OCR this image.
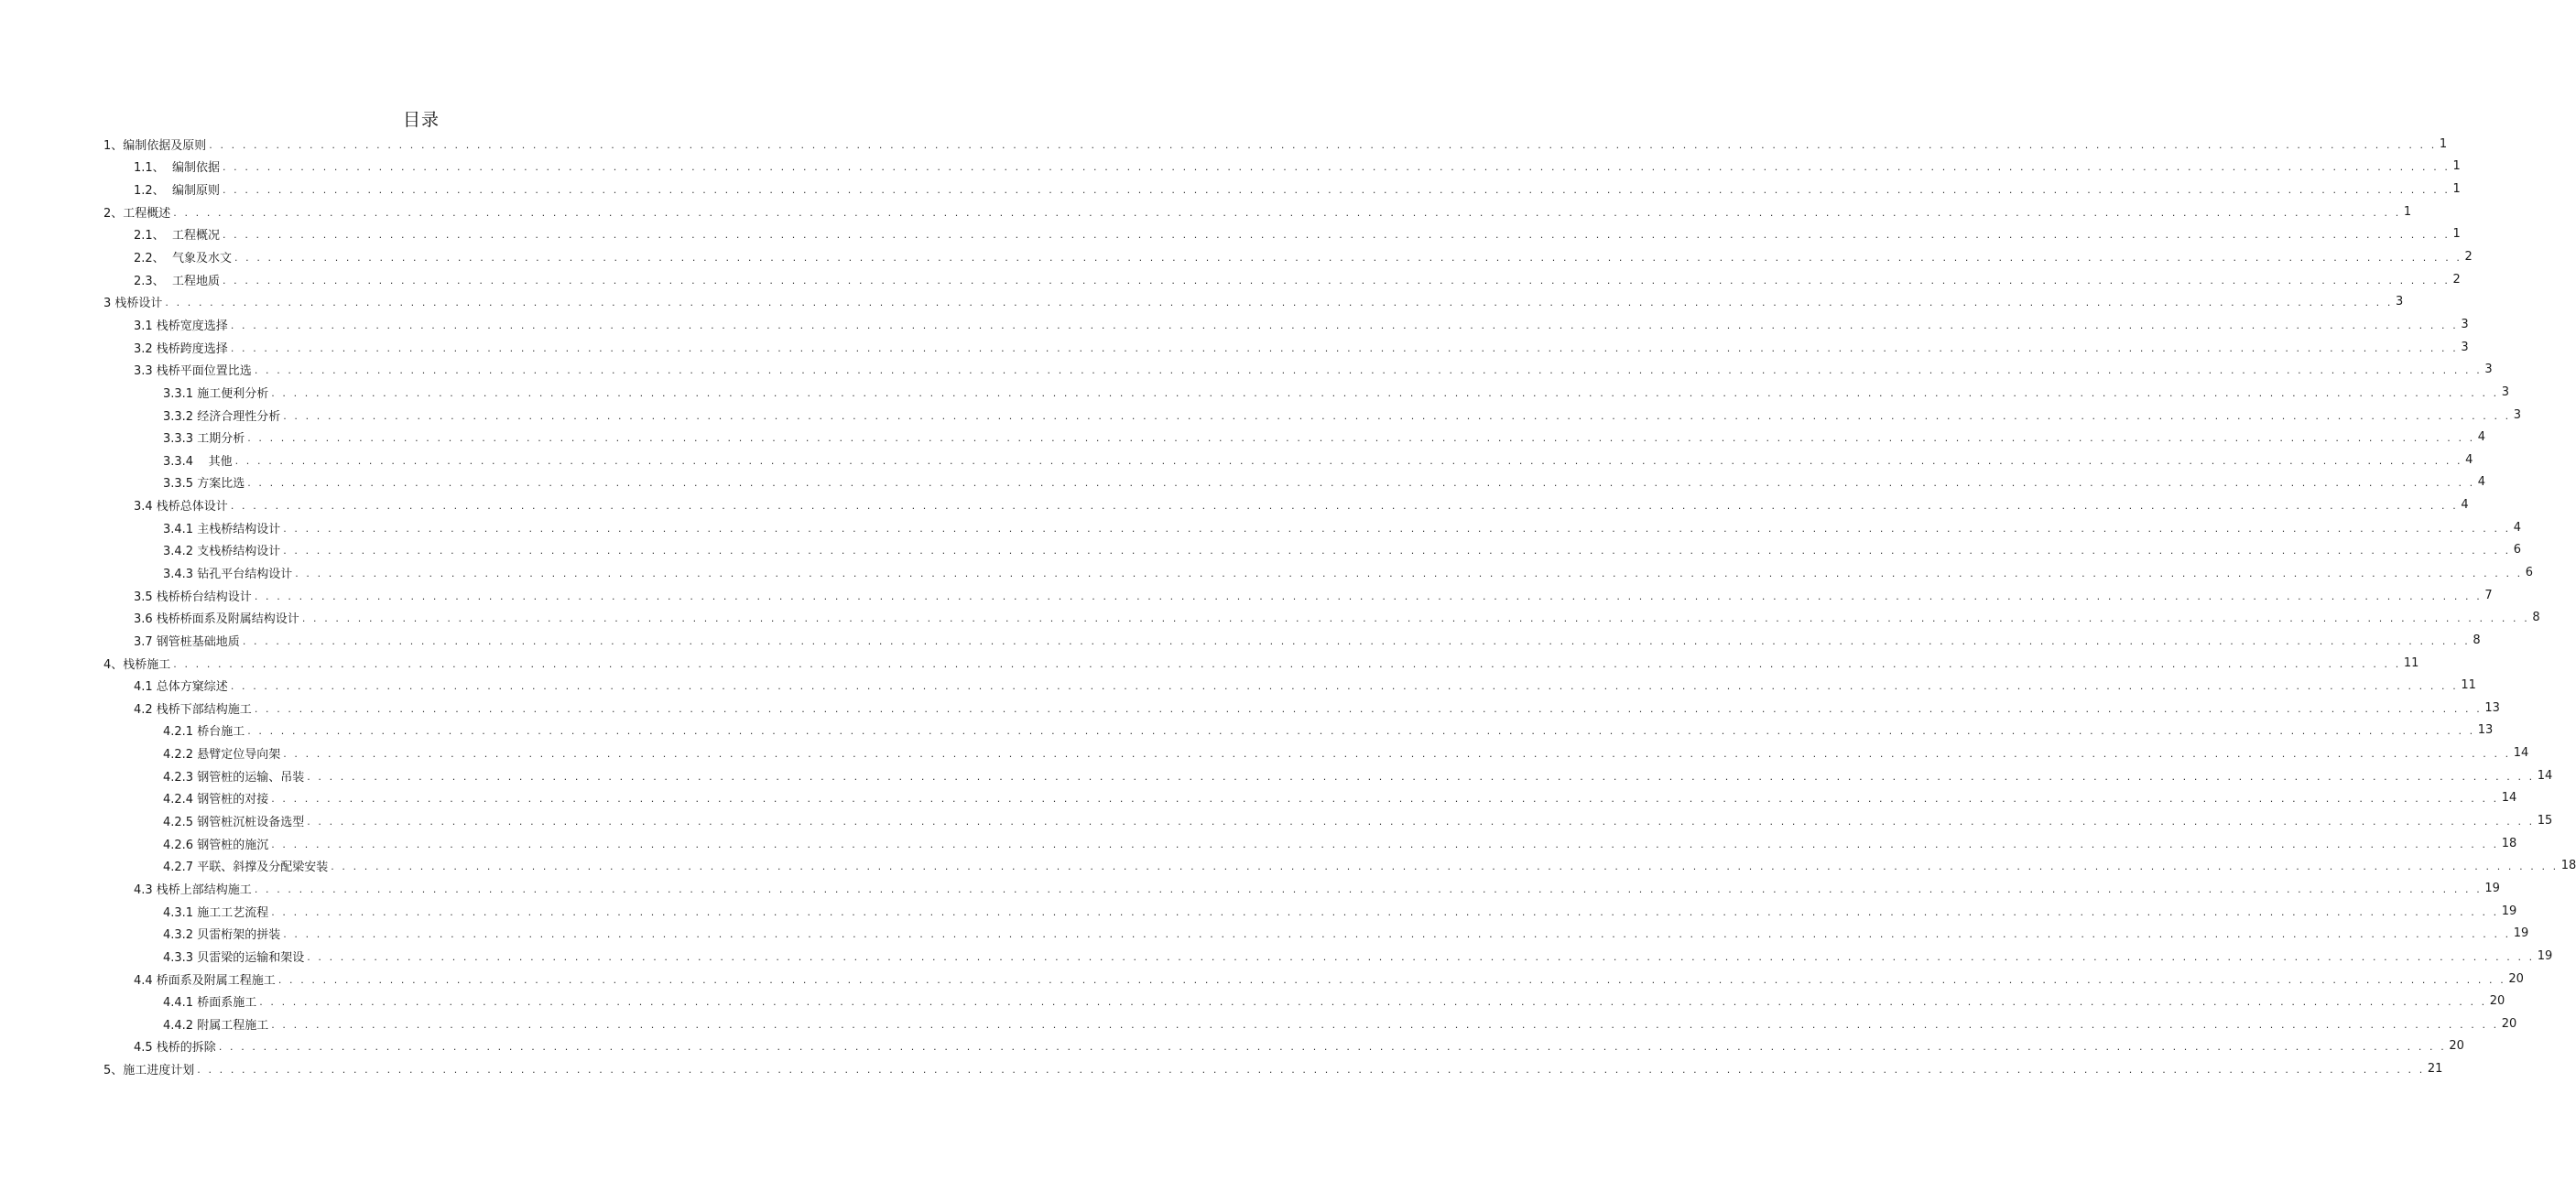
目录
1、编制依据及原则 . . . . . . . . . . . . . . . . . . . . . . . . . . . . . . . . . . . . . . . . . . . . . . . . . . . . . . . . . . . . . . . . . . . . . . . . . . . . . . . . . . . . . . . . . . . . . . . . . . . . . . . . . . . . . . . . . . . . . . . . . . . . . . . . . . . . . . . . . . . . . . . . . . . . . . . . . . . . . . . . . . . . . . . . . . . . . . . . . . . . . . . . . . . . . . . . . . . . . . . . 1
1.1、  编制依据 . . . . . . . . . . . . . . . . . . . . . . . . . . . . . . . . . . . . . . . . . . . . . . . . . . . . . . . . . . . . . . . . . . . . . . . . . . . . . . . . . . . . . . . . . . . . . . . . . . . . . . . . . . . . . . . . . . . . . . . . . . . . . . . . . . . . . . . . . . . . . . . . . . . . . . . . . . . . . . . . . . . . . . . . . . . . . . . . . . . . . . . . . . . . . . . . . . . . . . . . 1
1.2、  编制原则 . . . . . . . . . . . . . . . . . . . . . . . . . . . . . . . . . . . . . . . . . . . . . . . . . . . . . . . . . . . . . . . . . . . . . . . . . . . . . . . . . . . . . . . . . . . . . . . . . . . . . . . . . . . . . . . . . . . . . . . . . . . . . . . . . . . . . . . . . . . . . . . . . . . . . . . . . . . . . . . . . . . . . . . . . . . . . . . . . . . . . . . . . . . . . . . . . . . . . . . . 1
2、工程概述 . . . . . . . . . . . . . . . . . . . . . . . . . . . . . . . . . . . . . . . . . . . . . . . . . . . . . . . . . . . . . . . . . . . . . . . . . . . . . . . . . . . . . . . . . . . . . . . . . . . . . . . . . . . . . . . . . . . . . . . . . . . . . . . . . . . . . . . . . . . . . . . . . . . . . . . . . . . . . . . . . . . . . . . . . . . . . . . . . . . . . . . . . . . . . . . . . . . . . . . . 1
2.1、  工程概况 . . . . . . . . . . . . . . . . . . . . . . . . . . . . . . . . . . . . . . . . . . . . . . . . . . . . . . . . . . . . . . . . . . . . . . . . . . . . . . . . . . . . . . . . . . . . . . . . . . . . . . . . . . . . . . . . . . . . . . . . . . . . . . . . . . . . . . . . . . . . . . . . . . . . . . . . . . . . . . . . . . . . . . . . . . . . . . . . . . . . . . . . . . . . . . . . . . . . . . . . 1
2.2、  气象及水文 . . . . . . . . . . . . . . . . . . . . . . . . . . . . . . . . . . . . . . . . . . . . . . . . . . . . . . . . . . . . . . . . . . . . . . . . . . . . . . . . . . . . . . . . . . . . . . . . . . . . . . . . . . . . . . . . . . . . . . . . . . . . . . . . . . . . . . . . . . . . . . . . . . . . . . . . . . . . . . . . . . . . . . . . . . . . . . . . . . . . . . . . . . . . . . . . . . . . . . . . 2
2.3、  工程地质 . . . . . . . . . . . . . . . . . . . . . . . . . . . . . . . . . . . . . . . . . . . . . . . . . . . . . . . . . . . . . . . . . . . . . . . . . . . . . . . . . . . . . . . . . . . . . . . . . . . . . . . . . . . . . . . . . . . . . . . . . . . . . . . . . . . . . . . . . . . . . . . . . . . . . . . . . . . . . . . . . . . . . . . . . . . . . . . . . . . . . . . . . . . . . . . . . . . . . . . . 2
3 栈桥设计 . . . . . . . . . . . . . . . . . . . . . . . . . . . . . . . . . . . . . . . . . . . . . . . . . . . . . . . . . . . . . . . . . . . . . . . . . . . . . . . . . . . . . . . . . . . . . . . . . . . . . . . . . . . . . . . . . . . . . . . . . . . . . . . . . . . . . . . . . . . . . . . . . . . . . . . . . . . . . . . . . . . . . . . . . . . . . . . . . . . . . . . . . . . . . . . . . . . . . . . . 3
3.1 栈桥宽度选择 . . . . . . . . . . . . . . . . . . . . . . . . . . . . . . . . . . . . . . . . . . . . . . . . . . . . . . . . . . . . . . . . . . . . . . . . . . . . . . . . . . . . . . . . . . . . . . . . . . . . . . . . . . . . . . . . . . . . . . . . . . . . . . . . . . . . . . . . . . . . . . . . . . . . . . . . . . . . . . . . . . . . . . . . . . . . . . . . . . . . . . . . . . . . . . . . . . . . . . . . 3
3.2 栈桥跨度选择 . . . . . . . . . . . . . . . . . . . . . . . . . . . . . . . . . . . . . . . . . . . . . . . . . . . . . . . . . . . . . . . . . . . . . . . . . . . . . . . . . . . . . . . . . . . . . . . . . . . . . . . . . . . . . . . . . . . . . . . . . . . . . . . . . . . . . . . . . . . . . . . . . . . . . . . . . . . . . . . . . . . . . . . . . . . . . . . . . . . . . . . . . . . . . . . . . . . . . . . . 3
3.3 栈桥平面位置比选 . . . . . . . . . . . . . . . . . . . . . . . . . . . . . . . . . . . . . . . . . . . . . . . . . . . . . . . . . . . . . . . . . . . . . . . . . . . . . . . . . . . . . . . . . . . . . . . . . . . . . . . . . . . . . . . . . . . . . . . . . . . . . . . . . . . . . . . . . . . . . . . . . . . . . . . . . . . . . . . . . . . . . . . . . . . . . . . . . . . . . . . . . . . . . . . . . . . . . . . . 3
3.3.1 施工便利分析 . . . . . . . . . . . . . . . . . . . . . . . . . . . . . . . . . . . . . . . . . . . . . . . . . . . . . . . . . . . . . . . . . . . . . . . . . . . . . . . . . . . . . . . . . . . . . . . . . . . . . . . . . . . . . . . . . . . . . . . . . . . . . . . . . . . . . . . . . . . . . . . . . . . . . . . . . . . . . . . . . . . . . . . . . . . . . . . . . . . . . . . . . . . . . . . . . . . . . . . . 3
3.3.2 经济合理性分析 . . . . . . . . . . . . . . . . . . . . . . . . . . . . . . . . . . . . . . . . . . . . . . . . . . . . . . . . . . . . . . . . . . . . . . . . . . . . . . . . . . . . . . . . . . . . . . . . . . . . . . . . . . . . . . . . . . . . . . . . . . . . . . . . . . . . . . . . . . . . . . . . . . . . . . . . . . . . . . . . . . . . . . . . . . . . . . . . . . . . . . . . . . . . . . . . . . . . . . . . 3
3.3.3 工期分析 . . . . . . . . . . . . . . . . . . . . . . . . . . . . . . . . . . . . . . . . . . . . . . . . . . . . . . . . . . . . . . . . . . . . . . . . . . . . . . . . . . . . . . . . . . . . . . . . . . . . . . . . . . . . . . . . . . . . . . . . . . . . . . . . . . . . . . . . . . . . . . . . . . . . . . . . . . . . . . . . . . . . . . . . . . . . . . . . . . . . . . . . . . . . . . . . . . . . . . . . 4
3.3.4    其他 . . . . . . . . . . . . . . . . . . . . . . . . . . . . . . . . . . . . . . . . . . . . . . . . . . . . . . . . . . . . . . . . . . . . . . . . . . . . . . . . . . . . . . . . . . . . . . . . . . . . . . . . . . . . . . . . . . . . . . . . . . . . . . . . . . . . . . . . . . . . . . . . . . . . . . . . . . . . . . . . . . . . . . . . . . . . . . . . . . . . . . . . . . . . . . . . . . . . . . . . 4
3.3.5 方案比选 . . . . . . . . . . . . . . . . . . . . . . . . . . . . . . . . . . . . . . . . . . . . . . . . . . . . . . . . . . . . . . . . . . . . . . . . . . . . . . . . . . . . . . . . . . . . . . . . . . . . . . . . . . . . . . . . . . . . . . . . . . . . . . . . . . . . . . . . . . . . . . . . . . . . . . . . . . . . . . . . . . . . . . . . . . . . . . . . . . . . . . . . . . . . . . . . . . . . . . . . 4
3.4 栈桥总体设计 . . . . . . . . . . . . . . . . . . . . . . . . . . . . . . . . . . . . . . . . . . . . . . . . . . . . . . . . . . . . . . . . . . . . . . . . . . . . . . . . . . . . . . . . . . . . . . . . . . . . . . . . . . . . . . . . . . . . . . . . . . . . . . . . . . . . . . . . . . . . . . . . . . . . . . . . . . . . . . . . . . . . . . . . . . . . . . . . . . . . . . . . . . . . . . . . . . . . . . . . 4
3.4.1 主栈桥结构设计 . . . . . . . . . . . . . . . . . . . . . . . . . . . . . . . . . . . . . . . . . . . . . . . . . . . . . . . . . . . . . . . . . . . . . . . . . . . . . . . . . . . . . . . . . . . . . . . . . . . . . . . . . . . . . . . . . . . . . . . . . . . . . . . . . . . . . . . . . . . . . . . . . . . . . . . . . . . . . . . . . . . . . . . . . . . . . . . . . . . . . . . . . . . . . . . . . . . . . . . . 4
3.4.2 支栈桥结构设计 . . . . . . . . . . . . . . . . . . . . . . . . . . . . . . . . . . . . . . . . . . . . . . . . . . . . . . . . . . . . . . . . . . . . . . . . . . . . . . . . . . . . . . . . . . . . . . . . . . . . . . . . . . . . . . . . . . . . . . . . . . . . . . . . . . . . . . . . . . . . . . . . . . . . . . . . . . . . . . . . . . . . . . . . . . . . . . . . . . . . . . . . . . . . . . . . . . . . . . . . 6
3.4.3 钻孔平台结构设计 . . . . . . . . . . . . . . . . . . . . . . . . . . . . . . . . . . . . . . . . . . . . . . . . . . . . . . . . . . . . . . . . . . . . . . . . . . . . . . . . . . . . . . . . . . . . . . . . . . . . . . . . . . . . . . . . . . . . . . . . . . . . . . . . . . . . . . . . . . . . . . . . . . . . . . . . . . . . . . . . . . . . . . . . . . . . . . . . . . . . . . . . . . . . . . . . . . . . . . . . 6
3.5 栈桥桥台结构设计 . . . . . . . . . . . . . . . . . . . . . . . . . . . . . . . . . . . . . . . . . . . . . . . . . . . . . . . . . . . . . . . . . . . . . . . . . . . . . . . . . . . . . . . . . . . . . . . . . . . . . . . . . . . . . . . . . . . . . . . . . . . . . . . . . . . . . . . . . . . . . . . . . . . . . . . . . . . . . . . . . . . . . . . . . . . . . . . . . . . . . . . . . . . . . . . . . . . . . . . . 7
3.6 栈桥桥面系及附属结构设计 . . . . . . . . . . . . . . . . . . . . . . . . . . . . . . . . . . . . . . . . . . . . . . . . . . . . . . . . . . . . . . . . . . . . . . . . . . . . . . . . . . . . . . . . . . . . . . . . . . . . . . . . . . . . . . . . . . . . . . . . . . . . . . . . . . . . . . . . . . . . . . . . . . . . . . . . . . . . . . . . . . . . . . . . . . . . . . . . . . . . . . . . . . . . . . . . . . . . . . . . 8
3.7 钢管桩基础地质 . . . . . . . . . . . . . . . . . . . . . . . . . . . . . . . . . . . . . . . . . . . . . . . . . . . . . . . . . . . . . . . . . . . . . . . . . . . . . . . . . . . . . . . . . . . . . . . . . . . . . . . . . . . . . . . . . . . . . . . . . . . . . . . . . . . . . . . . . . . . . . . . . . . . . . . . . . . . . . . . . . . . . . . . . . . . . . . . . . . . . . . . . . . . . . . . . . . . . . . . 8
4、栈桥施工 . . . . . . . . . . . . . . . . . . . . . . . . . . . . . . . . . . . . . . . . . . . . . . . . . . . . . . . . . . . . . . . . . . . . . . . . . . . . . . . . . . . . . . . . . . . . . . . . . . . . . . . . . . . . . . . . . . . . . . . . . . . . . . . . . . . . . . . . . . . . . . . . . . . . . . . . . . . . . . . . . . . . . . . . . . . . . . . . . . . . . . . . . . . . . . . . . . . . . . . . 11
4.1 总体方窠综述 . . . . . . . . . . . . . . . . . . . . . . . . . . . . . . . . . . . . . . . . . . . . . . . . . . . . . . . . . . . . . . . . . . . . . . . . . . . . . . . . . . . . . . . . . . . . . . . . . . . . . . . . . . . . . . . . . . . . . . . . . . . . . . . . . . . . . . . . . . . . . . . . . . . . . . . . . . . . . . . . . . . . . . . . . . . . . . . . . . . . . . . . . . . . . . . . . . . . . . . . 11
4.2 栈桥下部结构施工 . . . . . . . . . . . . . . . . . . . . . . . . . . . . . . . . . . . . . . . . . . . . . . . . . . . . . . . . . . . . . . . . . . . . . . . . . . . . . . . . . . . . . . . . . . . . . . . . . . . . . . . . . . . . . . . . . . . . . . . . . . . . . . . . . . . . . . . . . . . . . . . . . . . . . . . . . . . . . . . . . . . . . . . . . . . . . . . . . . . . . . . . . . . . . . . . . . . . . . . . 13
4.2.1 桥台施工 . . . . . . . . . . . . . . . . . . . . . . . . . . . . . . . . . . . . . . . . . . . . . . . . . . . . . . . . . . . . . . . . . . . . . . . . . . . . . . . . . . . . . . . . . . . . . . . . . . . . . . . . . . . . . . . . . . . . . . . . . . . . . . . . . . . . . . . . . . . . . . . . . . . . . . . . . . . . . . . . . . . . . . . . . . . . . . . . . . . . . . . . . . . . . . . . . . . . . . . . 13
4.2.2 悬臂定位导向架 . . . . . . . . . . . . . . . . . . . . . . . . . . . . . . . . . . . . . . . . . . . . . . . . . . . . . . . . . . . . . . . . . . . . . . . . . . . . . . . . . . . . . . . . . . . . . . . . . . . . . . . . . . . . . . . . . . . . . . . . . . . . . . . . . . . . . . . . . . . . . . . . . . . . . . . . . . . . . . . . . . . . . . . . . . . . . . . . . . . . . . . . . . . . . . . . . . . . . . . . 14
4.2.3 钢管桩的运输、吊装 . . . . . . . . . . . . . . . . . . . . . . . . . . . . . . . . . . . . . . . . . . . . . . . . . . . . . . . . . . . . . . . . . . . . . . . . . . . . . . . . . . . . . . . . . . . . . . . . . . . . . . . . . . . . . . . . . . . . . . . . . . . . . . . . . . . . . . . . . . . . . . . . . . . . . . . . . . . . . . . . . . . . . . . . . . . . . . . . . . . . . . . . . . . . . . . . . . . . . . . . 14
4.2.4 钢管桩的对接 . . . . . . . . . . . . . . . . . . . . . . . . . . . . . . . . . . . . . . . . . . . . . . . . . . . . . . . . . . . . . . . . . . . . . . . . . . . . . . . . . . . . . . . . . . . . . . . . . . . . . . . . . . . . . . . . . . . . . . . . . . . . . . . . . . . . . . . . . . . . . . . . . . . . . . . . . . . . . . . . . . . . . . . . . . . . . . . . . . . . . . . . . . . . . . . . . . . . . . . . 14
4.2.5 钢管桩沉桩设备选型 . . . . . . . . . . . . . . . . . . . . . . . . . . . . . . . . . . . . . . . . . . . . . . . . . . . . . . . . . . . . . . . . . . . . . . . . . . . . . . . . . . . . . . . . . . . . . . . . . . . . . . . . . . . . . . . . . . . . . . . . . . . . . . . . . . . . . . . . . . . . . . . . . . . . . . . . . . . . . . . . . . . . . . . . . . . . . . . . . . . . . . . . . . . . . . . . . . . . . . . . 15
4.2.6 钢管桩的施沉 . . . . . . . . . . . . . . . . . . . . . . . . . . . . . . . . . . . . . . . . . . . . . . . . . . . . . . . . . . . . . . . . . . . . . . . . . . . . . . . . . . . . . . . . . . . . . . . . . . . . . . . . . . . . . . . . . . . . . . . . . . . . . . . . . . . . . . . . . . . . . . . . . . . . . . . . . . . . . . . . . . . . . . . . . . . . . . . . . . . . . . . . . . . . . . . . . . . . . . . . 18
4.2.7 平联、斜撑及分配梁安装 . . . . . . . . . . . . . . . . . . . . . . . . . . . . . . . . . . . . . . . . . . . . . . . . . . . . . . . . . . . . . . . . . . . . . . . . . . . . . . . . . . . . . . . . . . . . . . . . . . . . . . . . . . . . . . . . . . . . . . . . . . . . . . . . . . . . . . . . . . . . . . . . . . . . . . . . . . . . . . . . . . . . . . . . . . . . . . . . . . . . . . . . . . . . . . . . . . . . . . . . 18
4.3 栈桥上部结构施工 . . . . . . . . . . . . . . . . . . . . . . . . . . . . . . . . . . . . . . . . . . . . . . . . . . . . . . . . . . . . . . . . . . . . . . . . . . . . . . . . . . . . . . . . . . . . . . . . . . . . . . . . . . . . . . . . . . . . . . . . . . . . . . . . . . . . . . . . . . . . . . . . . . . . . . . . . . . . . . . . . . . . . . . . . . . . . . . . . . . . . . . . . . . . . . . . . . . . . . . . 19
4.3.1 施工工艺流程 . . . . . . . . . . . . . . . . . . . . . . . . . . . . . . . . . . . . . . . . . . . . . . . . . . . . . . . . . . . . . . . . . . . . . . . . . . . . . . . . . . . . . . . . . . . . . . . . . . . . . . . . . . . . . . . . . . . . . . . . . . . . . . . . . . . . . . . . . . . . . . . . . . . . . . . . . . . . . . . . . . . . . . . . . . . . . . . . . . . . . . . . . . . . . . . . . . . . . . . . 19
4.3.2 贝雷桁架的拼装 . . . . . . . . . . . . . . . . . . . . . . . . . . . . . . . . . . . . . . . . . . . . . . . . . . . . . . . . . . . . . . . . . . . . . . . . . . . . . . . . . . . . . . . . . . . . . . . . . . . . . . . . . . . . . . . . . . . . . . . . . . . . . . . . . . . . . . . . . . . . . . . . . . . . . . . . . . . . . . . . . . . . . . . . . . . . . . . . . . . . . . . . . . . . . . . . . . . . . . . . 19
4.3.3 贝雷梁的运输和架设 . . . . . . . . . . . . . . . . . . . . . . . . . . . . . . . . . . . . . . . . . . . . . . . . . . . . . . . . . . . . . . . . . . . . . . . . . . . . . . . . . . . . . . . . . . . . . . . . . . . . . . . . . . . . . . . . . . . . . . . . . . . . . . . . . . . . . . . . . . . . . . . . . . . . . . . . . . . . . . . . . . . . . . . . . . . . . . . . . . . . . . . . . . . . . . . . . . . . . . . . 19
4.4 桥面系及附属工程施工 . . . . . . . . . . . . . . . . . . . . . . . . . . . . . . . . . . . . . . . . . . . . . . . . . . . . . . . . . . . . . . . . . . . . . . . . . . . . . . . . . . . . . . . . . . . . . . . . . . . . . . . . . . . . . . . . . . . . . . . . . . . . . . . . . . . . . . . . . . . . . . . . . . . . . . . . . . . . . . . . . . . . . . . . . . . . . . . . . . . . . . . . . . . . . . . . . . . . . . . . 20
4.4.1 桥面系施工 . . . . . . . . . . . . . . . . . . . . . . . . . . . . . . . . . . . . . . . . . . . . . . . . . . . . . . . . . . . . . . . . . . . . . . . . . . . . . . . . . . . . . . . . . . . . . . . . . . . . . . . . . . . . . . . . . . . . . . . . . . . . . . . . . . . . . . . . . . . . . . . . . . . . . . . . . . . . . . . . . . . . . . . . . . . . . . . . . . . . . . . . . . . . . . . . . . . . . . . . 20
4.4.2 附属工程施工 . . . . . . . . . . . . . . . . . . . . . . . . . . . . . . . . . . . . . . . . . . . . . . . . . . . . . . . . . . . . . . . . . . . . . . . . . . . . . . . . . . . . . . . . . . . . . . . . . . . . . . . . . . . . . . . . . . . . . . . . . . . . . . . . . . . . . . . . . . . . . . . . . . . . . . . . . . . . . . . . . . . . . . . . . . . . . . . . . . . . . . . . . . . . . . . . . . . . . . . . 20
4.5 栈桥的拆除 . . . . . . . . . . . . . . . . . . . . . . . . . . . . . . . . . . . . . . . . . . . . . . . . . . . . . . . . . . . . . . . . . . . . . . . . . . . . . . . . . . . . . . . . . . . . . . . . . . . . . . . . . . . . . . . . . . . . . . . . . . . . . . . . . . . . . . . . . . . . . . . . . . . . . . . . . . . . . . . . . . . . . . . . . . . . . . . . . . . . . . . . . . . . . . . . . . . . . . . . 20
5、施工进度计划 . . . . . . . . . . . . . . . . . . . . . . . . . . . . . . . . . . . . . . . . . . . . . . . . . . . . . . . . . . . . . . . . . . . . . . . . . . . . . . . . . . . . . . . . . . . . . . . . . . . . . . . . . . . . . . . . . . . . . . . . . . . . . . . . . . . . . . . . . . . . . . . . . . . . . . . . . . . . . . . . . . . . . . . . . . . . . . . . . . . . . . . . . . . . . . . . . . . . . . . . 21
